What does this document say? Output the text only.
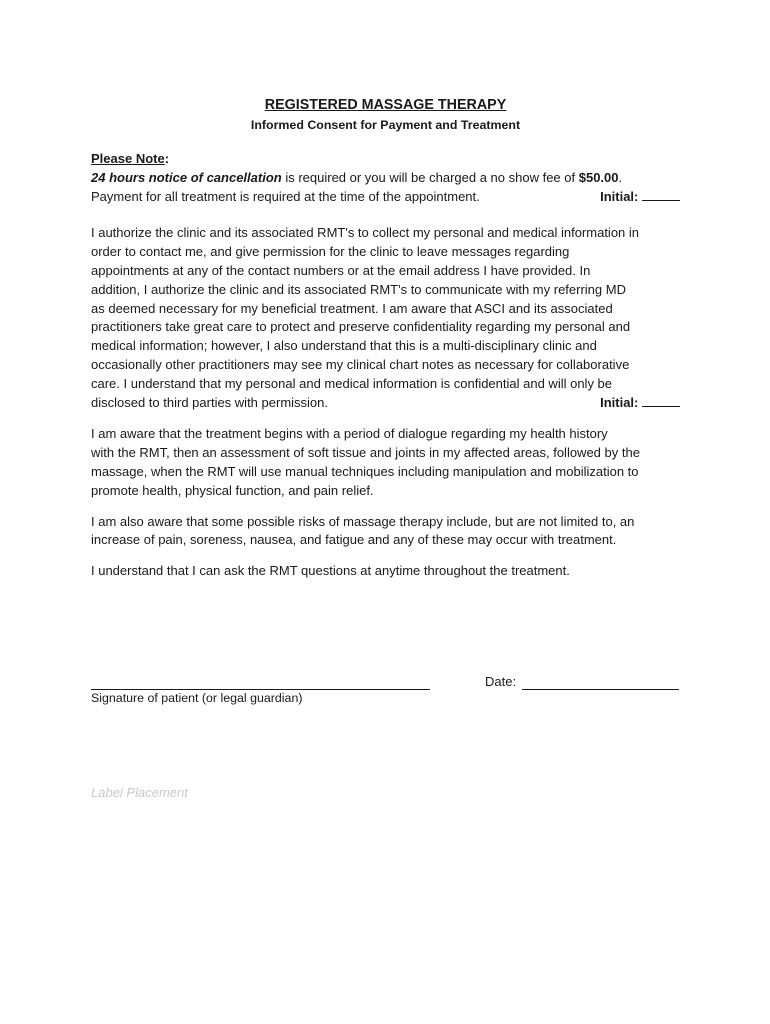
REGISTERED MASSAGE THERAPY

Informed Consent for Payment and Treatment

Please Note:

24 hours notice of cancellation is required or you will be charged a no show fee of $50.00.

Payment for all treatment is required at the time of the appointment.	Initial:

I authorize the clinic and its associated RMT's to collect my personal and medical information in

order to contact me, and give permission for the clinic to leave messages regarding

appointments at any of the contact numbers or at the email address I have provided. In

addition, I authorize the clinic and its associated RMT's to communicate with my referring MD

as deemed necessary for my beneficial treatment. I am aware that ASCI and its associated

practitioners take great care to protect and preserve confidentiality regarding my personal and

medical information; however, I also understand that this is a multi-disciplinary clinic and

occasionally other practitioners may see my clinical chart notes as necessary for collaborative

care. I understand that my personal and medical information is confidential and will only be

disclosed to third parties with permission.	Initial:

I am aware that the treatment begins with a period of dialogue regarding my health history

with the RMT, then an assessment of soft tissue and joints in my affected areas, followed by the

massage, when the RMT will use manual techniques including manipulation and mobilization to

promote health, physical function, and pain relief.

I am also aware that some possible risks of massage therapy include, but are not limited to, an

increase of pain, soreness, nausea, and fatigue and any of these may occur with treatment.

I understand that I can ask the RMT questions at anytime throughout the treatment.

Date:
Signature of patient (or legal guardian)
Label Placement
